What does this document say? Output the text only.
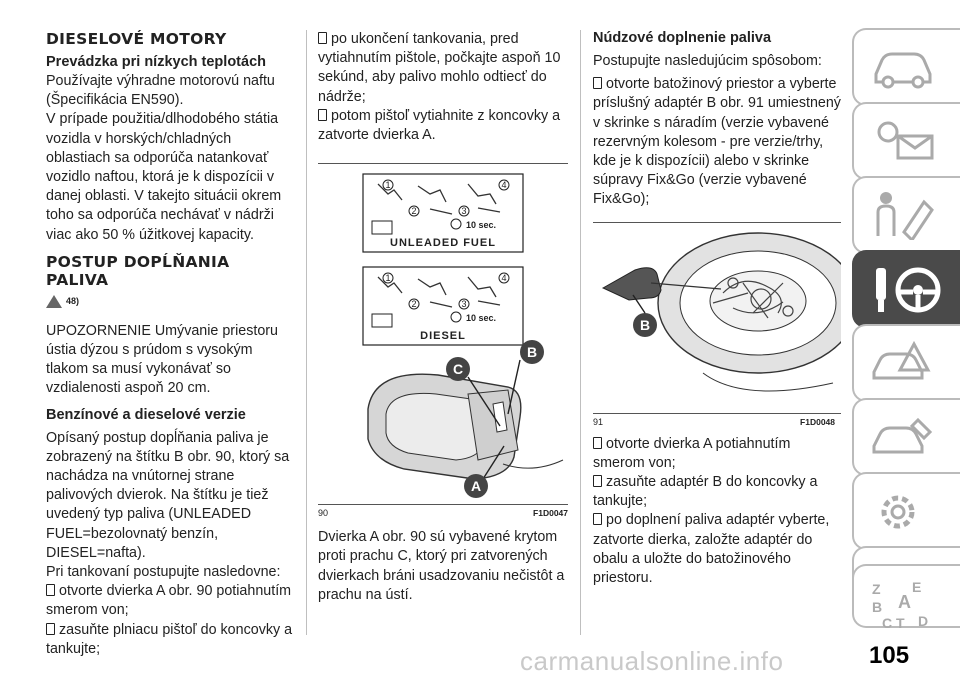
DIESELOVÉ MOTORY
Prevádzka pri nízkych teplotách

Používajte výhradne motorovú naftu (Špecifikácia EN590).

V prípade použitia/dlhodobého státia vozidla v horských/chladných oblastiach sa odporúča natankovať vozidlo naftou, ktorá je k dispozícii v danej oblasti. V takejto situácii okrem toho sa odporúča nechávať v nádrži viac ako 50 % úžitkovej kapacity.

POSTUP DOPĹŇANIA PALIVA
48)

UPOZORNENIE Umývanie priestoru ústia dýzou s prúdom s vysokým tlakom sa musí vykonávať so vzdialenosti aspoň 20 cm.

Benzínové a dieselové verzie

Opísaný postup dopĺňania paliva je zobrazený na štítku B obr. 90, ktorý sa nachádza na vnútornej strane palivových dvierok. Na štítku je tiež uvedený typ paliva (UNLEADED FUEL=bezolovnatý benzín, DIESEL=nafta).

Pri tankovaní postupujte nasledovne:

otvorte dvierka A obr. 90 potiahnutím smerom von;

zasuňte plniacu pištoľ do koncovky a tankujte;

po ukončení tankovania, pred vytiahnutím pištole, počkajte aspoň 10 sekúnd, aby palivo mohlo odtiecť do nádrže;

potom pištoľ vytiahnite z koncovky a zatvorte dvierka A.

1
2	3
4
10 sec.
UNLEADED FUEL
1
2	3
4
10 sec.
DIESEL
C
B
A
90	F1D0047

Dvierka A obr. 90 sú vybavené krytom proti prachu C, ktorý pri zatvorených dvierkach bráni usadzovaniu nečistôt a prachu na ústí.

Núdzové doplnenie paliva

Postupujte nasledujúcim spôsobom:

otvorte batožinový priestor a vyberte príslušný adaptér B obr. 91 umiestnený v skrinke s náradím (verzie vybavené rezervným kolesom - pre verzie/trhy, kde je k dispozícii) alebo v skrinke súpravy Fix&Go (verzie vybavené Fix&Go);

B
91	F1D0048

otvorte dvierka A potiahnutím smerom von;

zasuňte adaptér B do koncovky a tankujte;

po doplnení paliva adaptér vyberte, zatvorte dierka, založte adaptér do obalu a uložte do batožinového priestoru.

Z E
A
B
C T D
carmanualsonline.info	105
